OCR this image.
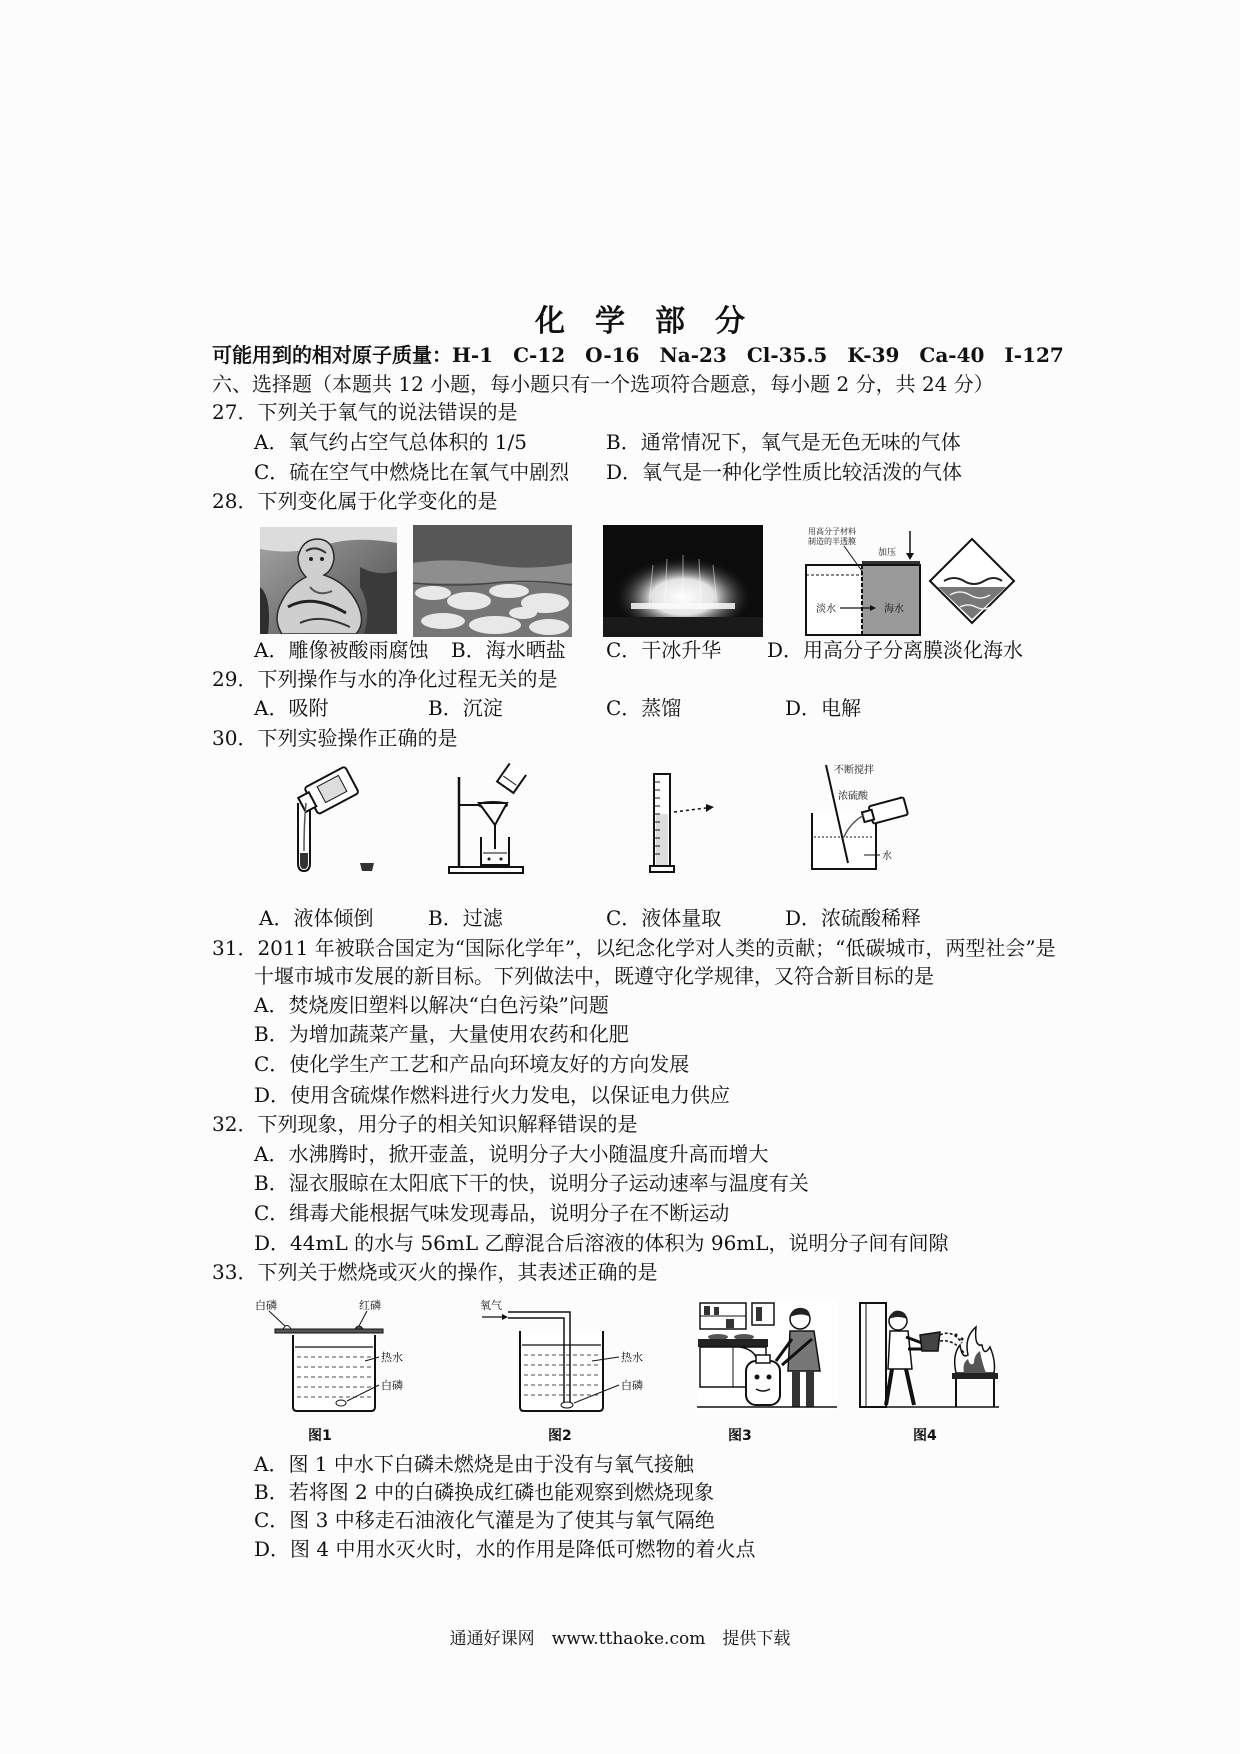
化　学　部　分
可能用到的相对原子质量：H-1　C-12　O-16　Na-23　Cl-35.5　K-39　Ca-40　I-127
六、选择题（本题共 12 小题，每小题只有一个选项符合题意，每小题 2 分，共 24 分）
27．下列关于氧气的说法错误的是
A．氧气约占空气总体积的 1/5	B．通常情况下，氧气是无色无味的气体
C．硫在空气中燃烧比在氧气中剧烈 D．氧气是一种化学性质比较活泼的气体
28．下列变化属于化学变化的是
用高分子材料
制造的半透膜
加压
淡水	海水
A．雕像被酸雨腐蚀 B．海水晒盐 C．干冰升华 D．用高分子分离膜淡化海水
29．下列操作与水的净化过程无关的是
A．吸附	B．沉淀	C．蒸馏	D．电解
30．下列实验操作正确的是
不断搅拌
浓硫酸
水
A．液体倾倒	B．过滤	C．液体量取	D．浓硫酸稀释
31．2011 年被联合国定为“国际化学年”，以纪念化学对人类的贡献；“低碳城市，两型社会”是
十堰市城市发展的新目标。下列做法中，既遵守化学规律，又符合新目标的是
A．焚烧废旧塑料以解决“白色污染”问题
B．为增加蔬菜产量，大量使用农药和化肥
C．使化学生产工艺和产品向环境友好的方向发展
D．使用含硫煤作燃料进行火力发电，以保证电力供应
32．下列现象，用分子的相关知识解释错误的是
A．水沸腾时，掀开壶盖，说明分子大小随温度升高而增大
B．湿衣服晾在太阳底下干的快，说明分子运动速率与温度有关
C．缉毒犬能根据气味发现毒品，说明分子在不断运动
D．44mL 的水与 56mL 乙醇混合后溶液的体积为 96mL，说明分子间有间隙
33．下列关于燃烧或灭火的操作，其表述正确的是
白磷	红磷
热水
白磷
氧气
热水
白磷
图1	图2	图3	图4
A．图 1 中水下白磷未燃烧是由于没有与氧气接触
B．若将图 2 中的白磷换成红磷也能观察到燃烧现象
C．图 3 中移走石油液化气灌是为了使其与氧气隔绝
D．图 4 中用水灭火时，水的作用是降低可燃物的着火点
通通好课网　www.tthaoke.com　提供下载
